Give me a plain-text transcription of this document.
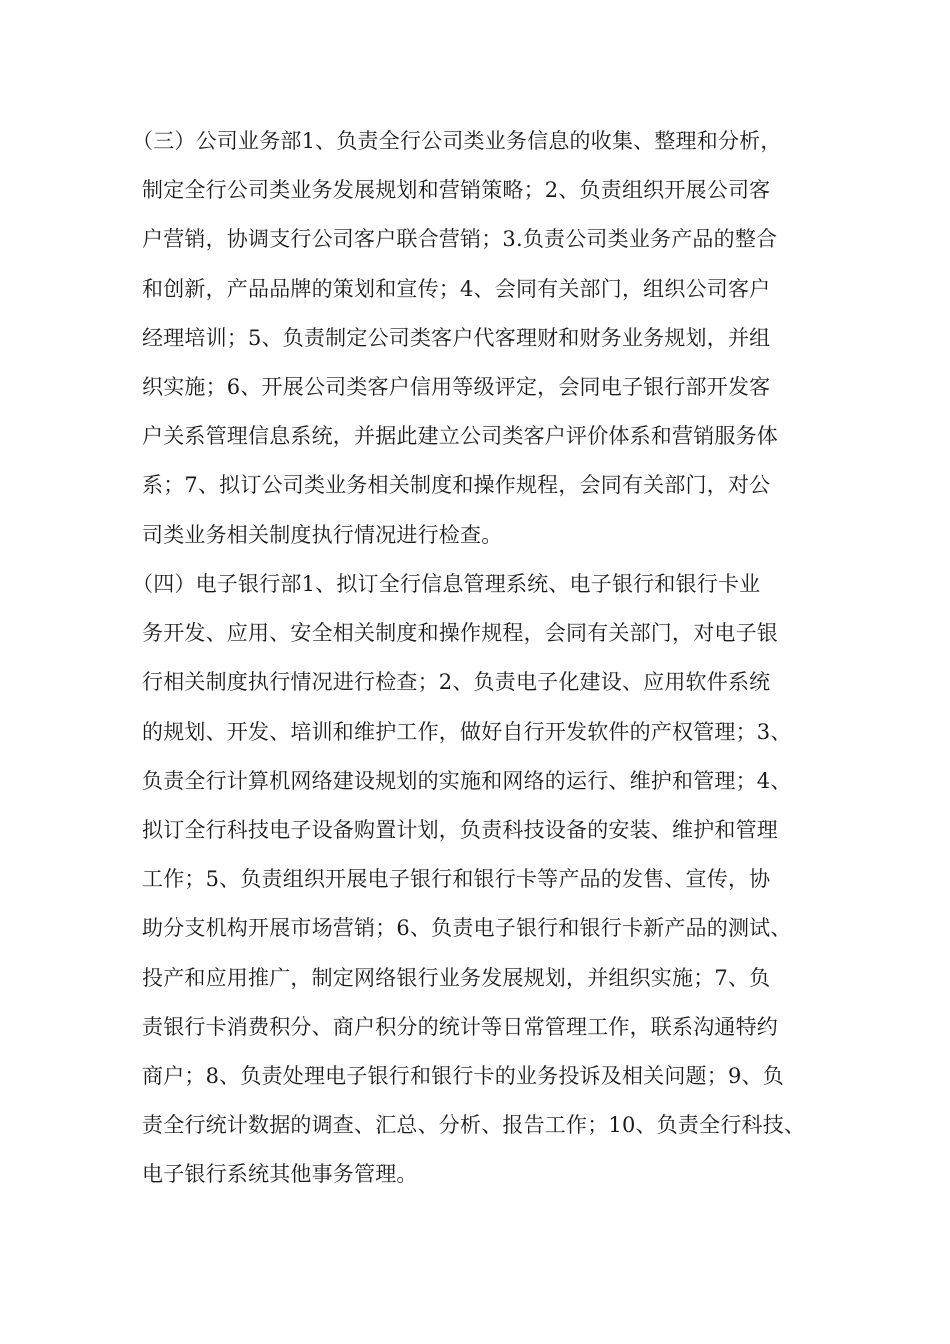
（三）公司业务部1、负责全行公司类业务信息的收集、整理和分析，
制定全行公司类业务发展规划和营销策略；2、负责组织开展公司客
户营销，协调支行公司客户联合营销；3.负责公司类业务产品的整合
和创新，产品品牌的策划和宣传；4、会同有关部门，组织公司客户
经理培训；5、负责制定公司类客户代客理财和财务业务规划，并组
织实施；6、开展公司类客户信用等级评定，会同电子银行部开发客
户关系管理信息系统，并据此建立公司类客户评价体系和营销服务体
系；7、拟订公司类业务相关制度和操作规程，会同有关部门，对公
司类业务相关制度执行情况进行检查。
（四）电子银行部1、拟订全行信息管理系统、电子银行和银行卡业
务开发、应用、安全相关制度和操作规程，会同有关部门，对电子银
行相关制度执行情况进行检查；2、负责电子化建设、应用软件系统
的规划、开发、培训和维护工作，做好自行开发软件的产权管理；3、
负责全行计算机网络建设规划的实施和网络的运行、维护和管理；4、
拟订全行科技电子设备购置计划，负责科技设备的安装、维护和管理
工作；5、负责组织开展电子银行和银行卡等产品的发售、宣传，协
助分支机构开展市场营销；6、负责电子银行和银行卡新产品的测试、
投产和应用推广，制定网络银行业务发展规划，并组织实施；7、负
责银行卡消费积分、商户积分的统计等日常管理工作，联系沟通特约
商户；8、负责处理电子银行和银行卡的业务投诉及相关问题；9、负
责全行统计数据的调查、汇总、分析、报告工作；10、负责全行科技、
电子银行系统其他事务管理。
